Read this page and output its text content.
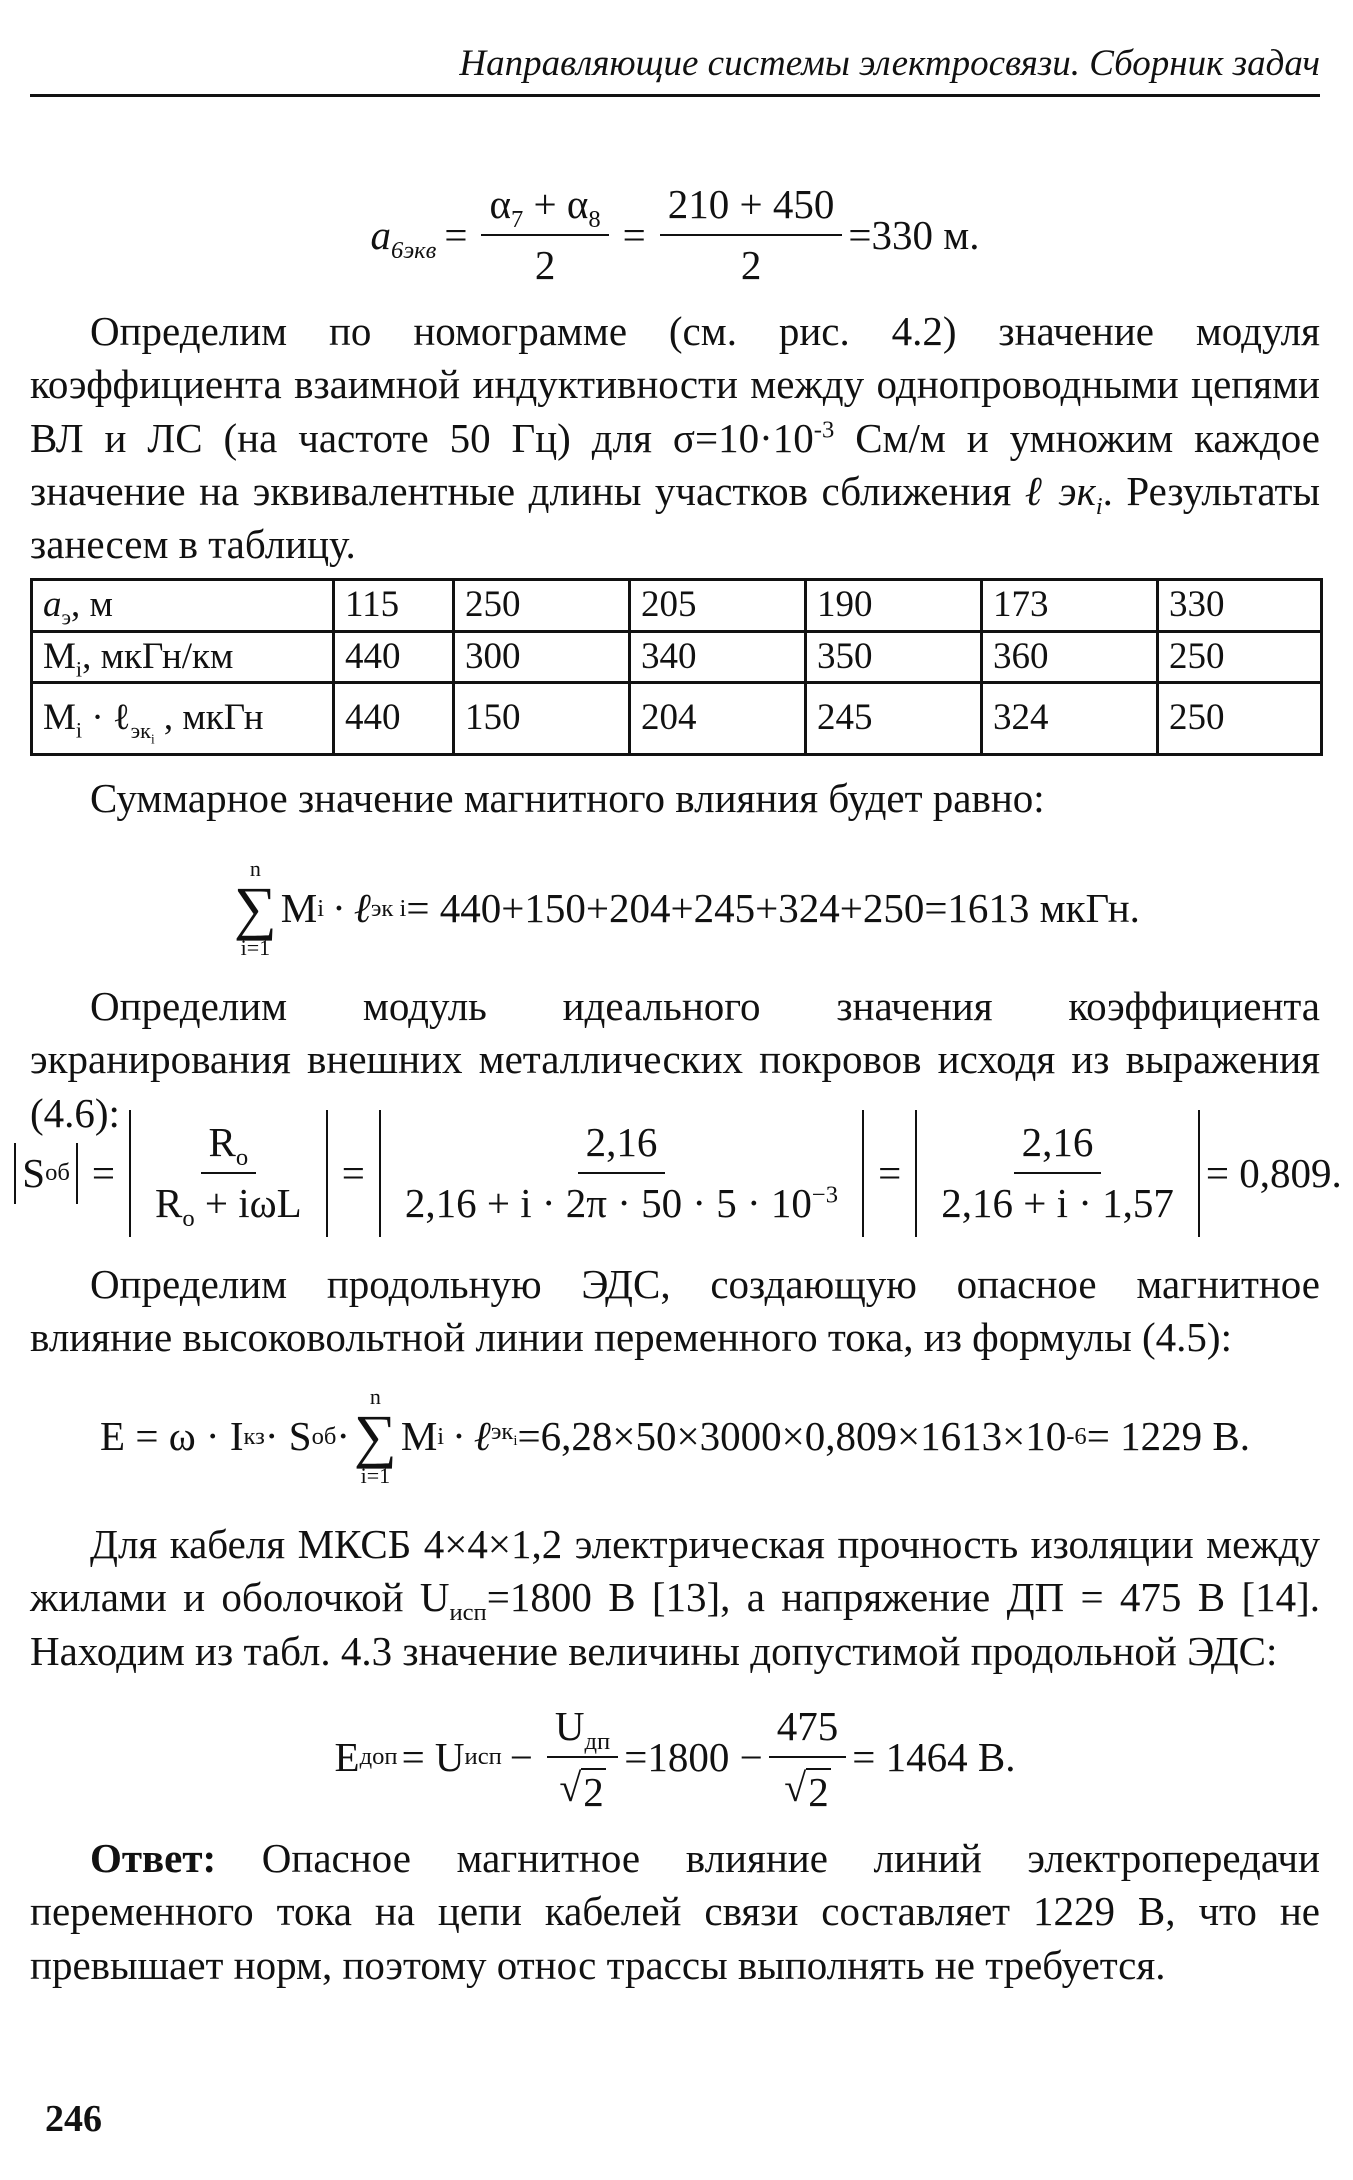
Направляющие системы электросвязи. Сборник задач
$a_{6экв} = \frac{\alpha_7 + \alpha_8}{2} = \frac{210 + 450}{2} =330$ м.
Определим по номограмме (см. рис. 4.2) значение модуля коэффициента взаимной индуктивности между однопроводными цепями ВЛ и ЛС (на частоте 50 Гц) для $\sigma=10\cdot 10^{-3}$ См/м и умножим каждое значение на эквивалентные длины участков сближения ℓ $эк_i$. Результаты занесем в таблицу.
$a_э$, м	115	250	205	190	173	330
$M_i$, мкГн/км	440	300	340	350	360	250
$M_i$ · ℓ$_{эк_i}$ , мкГн	440	150	204	245	324	250
Суммарное значение магнитного влияния будет равно:
n
∑
i=1
M i · ℓ эк i = 440+150+204+245+324+250=1613 мкГн.
Определим модуль идеального значения коэффициента экранирования внешних металлических покровов исходя из выражения (4.6):
S об = $\frac{R_o}{R_o + i\omega L} = \frac{2,16}{2,16 + i \cdot 2\pi \cdot 50 \cdot 5 \cdot 10^{-3}} = \frac{2,16}{2,16 + i \cdot 1,57} = 0,809$.
Определим продольную ЭДС, создающую опасное магнитное влияние высоковольтной линии переменного тока, из формулы (4.5):
E = ω · I кз · S об ·
n
∑
i=1
M i · ℓ $эк_i =6,28\times 50\times 3000\times 0,809\times 1613\times 10$ -6 = 1229 В.
Для кабеля МКСБ 4×4×1,2 электрическая прочность изоляции между жилами и оболочкой $U_{исп}=1800$ В [13], а напряжение ДП = 475 В [14]. Находим из табл. 4.3 значение величины допустимой продольной ЭДС:
E доп = U исп − $\frac{U_{дп}}{√ 2} =1800 - \frac{475}{√ 2} = 1464$ В.
Ответ: Опасное магнитное влияние линий электропередачи переменного тока на цепи кабелей связи составляет 1229 В, что не превышает норм, поэтому относ трассы выполнять не требуется.
246
